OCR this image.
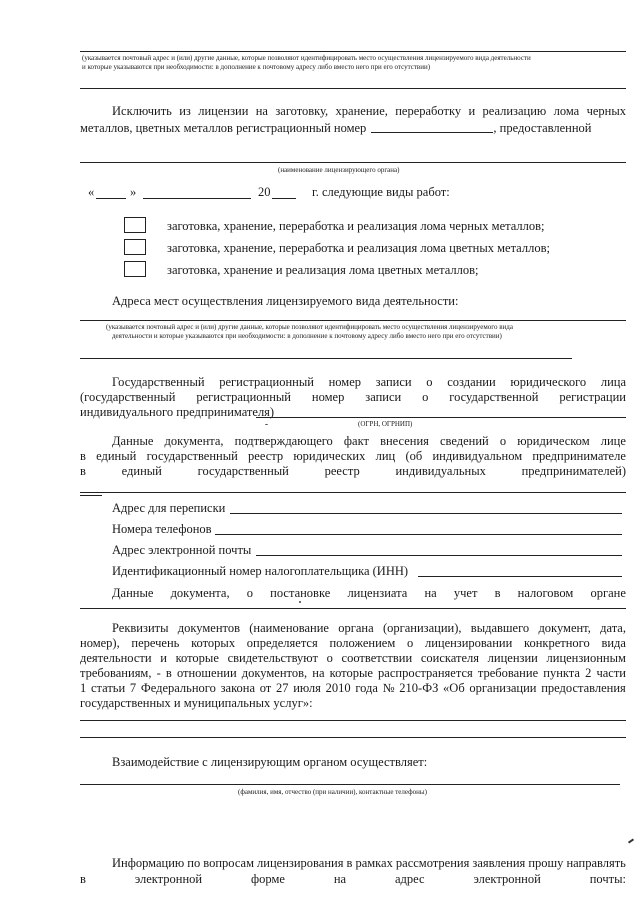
(указывается почтовый адрес и (или) другие данные, которые позволяют идентифицировать место осуществления лицензируемого вида деятельности
и которые указываются при необходимости: в дополнение к почтовому адресу либо вместо него при его отсутствии)
Исключить из лицензии на заготовку, хранение, переработку и реализацию лома черных
металлов, цветных металлов регистрационный номер	, предоставленной
(наименование лицензирующего органа)
«	»	20	г. следующие виды работ:
заготовка, хранение, переработка и реализация лома черных металлов;
заготовка, хранение, переработка и реализация лома цветных металлов;
заготовка, хранение и реализация лома цветных металлов;
Адреса мест осуществления лицензируемого вида деятельности:
(указывается почтовый адрес и (или) другие данные, которые позволяют идентифицировать место осуществления лицензируемого вида
деятельности и которые указываются при необходимости: в дополнение к почтовому адресу либо вместо него при его отсутствии)
Государственный регистрационный номер записи о создании юридического лица
(государственный регистрационный номер записи о государственной регистрации
индивидуального предпринимателя)
(ОГРН, ОГРНИП)
Данные документа, подтверждающего факт внесения сведений о юридическом лице
в единый государственный реестр юридических лиц (об индивидуальном предпринимателе
в	единый	государственный	реестр	индивидуальных	предпринимателей)
Адрес для переписки
Номера телефонов
Адрес электронной почты
Идентификационный номер налогоплательщика (ИНН)
Данные документа, о постановке лицензиата на учет в налоговом органе
Реквизиты документов (наименование органа (организации), выдавшего документ, дата,
номер), перечень которых определяется положением о лицензировании конкретного вида
деятельности и которые свидетельствуют о соответствии соискателя лицензии лицензионным
требованиям, - в отношении документов, на которые распространяется требование пункта 2 части
1 статьи 7 Федерального закона от 27 июля 2010 года № 210-ФЗ «Об организации предоставления
государственных и муниципальных услуг»:
Взаимодействие с лицензирующим органом осуществляет:
(фамилия, имя, отчество (при наличии), контактные телефоны)
Информацию по вопросам лицензирования в рамках рассмотрения заявления прошу направлять
в	электронной	форме	на	адрес	электронной	почты:
